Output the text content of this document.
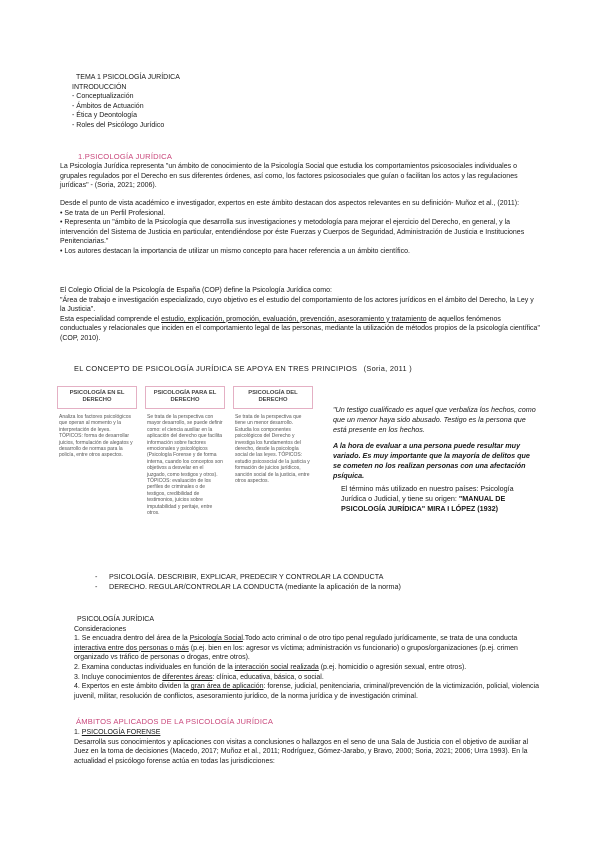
TEMA 1 PSICOLOGÍA JURÍDICA

INTRODUCCIÓN

- Conceptualización

- Ámbitos de Actuación

- Ética y Deontología

- Roles del Psicólogo Jurídico

1.PSICOLOGÍA JURÍDICA

La Psicología Jurídica representa "un ámbito de conocimiento de la Psicología Social que estudia los comportamientos psicosociales individuales o grupales regulados por el Derecho en sus diferentes órdenes, así como, los factores psicosociales que guían o facilitan los actos y las regulaciones jurídicas" - (Soria, 2021; 2006).

Desde el punto de vista académico e investigador, expertos en este ámbito destacan dos aspectos relevantes en su definición- Muñoz et al., (2011):

• Se trata de un Perfil Profesional.

• Representa un "ámbito de la Psicología que desarrolla sus investigaciones y metodología para mejorar el ejercicio del Derecho, en general, y la intervención del Sistema de Justicia en particular, entendiéndose por éste Fuerzas y Cuerpos de Seguridad, Administración de Justicia e Instituciones Penitenciarias."

• Los autores destacan la importancia de utilizar un mismo concepto para hacer referencia a un ámbito científico.

El Colegio Oficial de la Psicología de España (COP) define la Psicología Jurídica como:

"Área de trabajo e investigación especializado, cuyo objetivo es el estudio del comportamiento de los actores jurídicos en el ámbito del Derecho, la Ley y la Justicia".

Esta especialidad comprende el estudio, explicación, promoción, evaluación, prevención, asesoramiento y tratamiento de aquellos fenómenos conductuales y relacionales que inciden en el comportamiento legal de las personas, mediante la utilización de métodos propios de la psicología científica" (COP, 2010).

EL CONCEPTO DE PSICOLOGÍA JURÍDICA SE APOYA EN TRES PRINCIPIOS (Soria, 2011 )
PSICOLOGÍA EN EL DERECHO
Analiza los factores psicológicos que operan al momento y la interpretación de leyes. TÓPICOS: forma de desarrollar juicios, formulación de alegatos y desarrollo de normas para la policía, entre otros aspectos.
PSICOLOGÍA PARA EL DERECHO
Se trata de la perspectiva con mayor desarrollo, se puede definir como: el ciencia auxiliar en la aplicación del derecho que facilita información sobre factores emocionales y psicológicos (Psicología Forense y de forma interna, cuando los conceptos son objetivos a desvelar en el juzgado, como testigos y otros). TÓPICOS: evaluación de los perfiles de criminales o de testigos, credibilidad de testimonios, juicios sobre imputabilidad y peritaje, entre otros.
PSICOLOGÍA DEL DERECHO
Se trata de la perspectiva que tiene un menor desarrollo. Estudia los componentes psicológicos del Derecho y investiga los fundamentos del derecho, desde la psicología social de las leyes. TÓPICOS: estudio psicosocial de la justicia y formación de juicios jurídicos, sanción social de la justicia, entre otros aspectos.

"Un testigo cualificado es aquel que verbaliza los hechos, como que un menor haya sido abusado. Testigo es la persona que está presente en los hechos.

A la hora de evaluar a una persona puede resultar muy variado. Es muy importante que la mayoría de delitos que se cometen no los realizan personas con una afectación psíquica.

El término más utilizado en nuestro países: Psicología Jurídica o Judicial, y tiene su origen: "MANUAL DE PSICOLOGÍA JURÍDICA" MIRA I LÓPEZ (1932)

-	PSICOLOGÍA. DESCRIBIR, EXPLICAR, PREDECIR Y CONTROLAR LA CONDUCTA
-	DERECHO. REGULAR/CONTROLAR LA CONDUCTA (mediante la aplicación de la norma)

PSICOLOGÍA JURÍDICA

Consideraciones

1. Se encuadra dentro del área de la Psicología Social.Todo acto criminal o de otro tipo penal regulado jurídicamente, se trata de una conducta interactiva entre dos personas o más (p.ej. bien en los: agresor vs víctima; administración vs funcionario) o grupos/organizaciones (p.ej. crimen organizado vs tráfico de personas o drogas, entre otros).

2. Examina conductas individuales en función de la interacción social realizada (p.ej. homicidio o agresión sexual, entre otros).

3. Incluye conocimientos de diferentes áreas: clínica, educativa, básica, o social.

4. Expertos en este ámbito dividen la gran área de aplicación: forense, judicial, penitenciaria, criminal/prevención de la victimización, policial, violencia juvenil, militar, resolución de conflictos, asesoramiento jurídico, de la norma jurídica y de investigación criminal.

ÁMBITOS APLICADOS DE LA PSICOLOGÍA JURÍDICA

1. PSICOLOGÍA FORENSE

Desarrolla sus conocimientos y aplicaciones con visitas a conclusiones o hallazgos en el seno de una Sala de Justicia con el objetivo de auxiliar al Juez en la toma de decisiones (Macedo, 2017; Muñoz et al., 2011; Rodríguez, Gómez-Jarabo, y Bravo, 2000; Soria, 2021; 2006; Urra 1993). En la actualidad el psicólogo forense actúa en todas las jurisdicciones:
